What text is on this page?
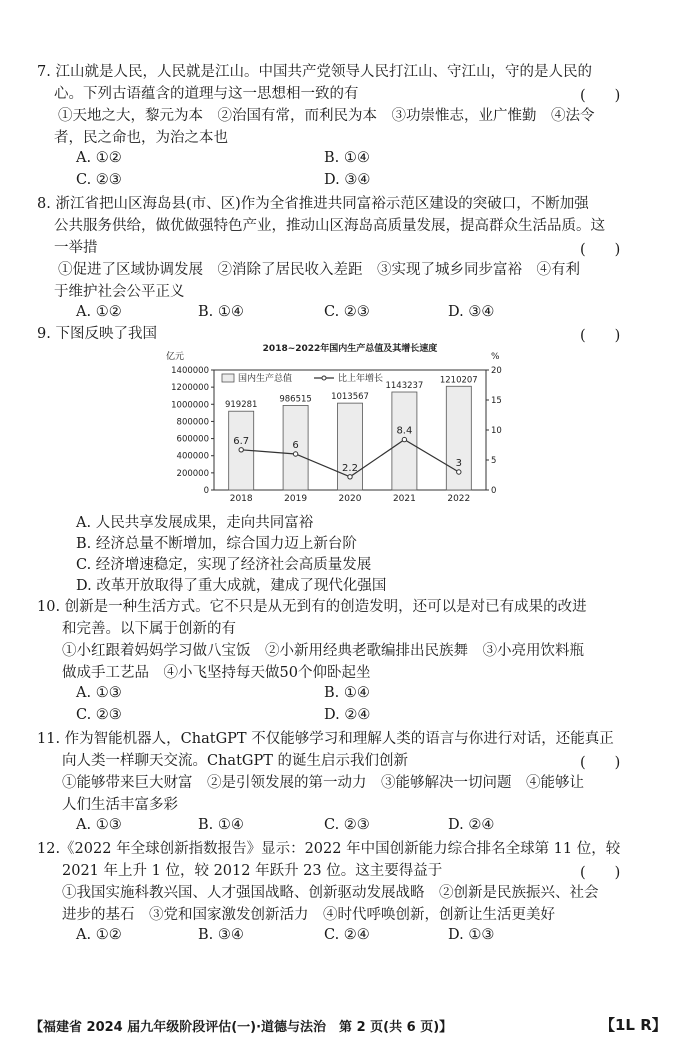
7. 江山就是人民，人民就是江山。中国共产党领导人民打江山、守江山，守的是人民的
心。下列古语蕴含的道理与这一思想相一致的有	(　　)
①天地之大，黎元为本　②治国有常，而利民为本　③功崇惟志，业广惟勤　④法令
者，民之命也，为治之本也
A. ①②	B. ①④
C. ②③	D. ③④
8. 浙江省把山区海岛县(市、区)作为全省推进共同富裕示范区建设的突破口，不断加强
公共服务供给，做优做强特色产业，推动山区海岛高质量发展，提高群众生活品质。这
一举措	(　　)
①促进了区域协调发展　②消除了居民收入差距　③实现了城乡同步富裕　④有利
于维护社会公平正义
A. ①②	B. ①④	C. ②③	D. ③④
9. 下图反映了我国	(　　)
2018~2022年国内生产总值及其增长速度
亿元	%
0
200000
400000
600000
800000
1000000
1200000
1400000
0
5
10
15
20
919281
2018
986515
2019
1013567
2020
1143237
2021
1210207
2022
6.7	6
2.2
8.4
3
国内生产总值	比上年增长
A. 人民共享发展成果，走向共同富裕
B. 经济总量不断增加，综合国力迈上新台阶
C. 经济增速稳定，实现了经济社会高质量发展
D. 改革开放取得了重大成就，建成了现代化强国
10. 创新是一种生活方式。它不只是从无到有的创造发明，还可以是对已有成果的改进
和完善。以下属于创新的有
①小红跟着妈妈学习做八宝饭　②小新用经典老歌编排出民族舞　③小亮用饮料瓶
做成手工艺品　④小飞坚持每天做50个仰卧起坐
A. ①③	B. ①④
C. ②③	D. ②④
11. 作为智能机器人，ChatGPT 不仅能够学习和理解人类的语言与你进行对话，还能真正
向人类一样聊天交流。ChatGPT 的诞生启示我们创新	(　　)
①能够带来巨大财富　②是引领发展的第一动力　③能够解决一切问题　④能够让
人们生活丰富多彩
A. ①③	B. ①④	C. ②③	D. ②④
12.《2022 年全球创新指数报告》显示：2022 年中国创新能力综合排名全球第 11 位，较
2021 年上升 1 位，较 2012 年跃升 23 位。这主要得益于	(　　)
①我国实施科教兴国、人才强国战略、创新驱动发展战略　②创新是民族振兴、社会
进步的基石　③党和国家激发创新活力　④时代呼唤创新，创新让生活更美好
A. ①②	B. ③④	C. ②④	D. ①③
【福建省 2024 届九年级阶段评估(一)·道德与法治　第 2 页(共 6 页)】	【1L R】
